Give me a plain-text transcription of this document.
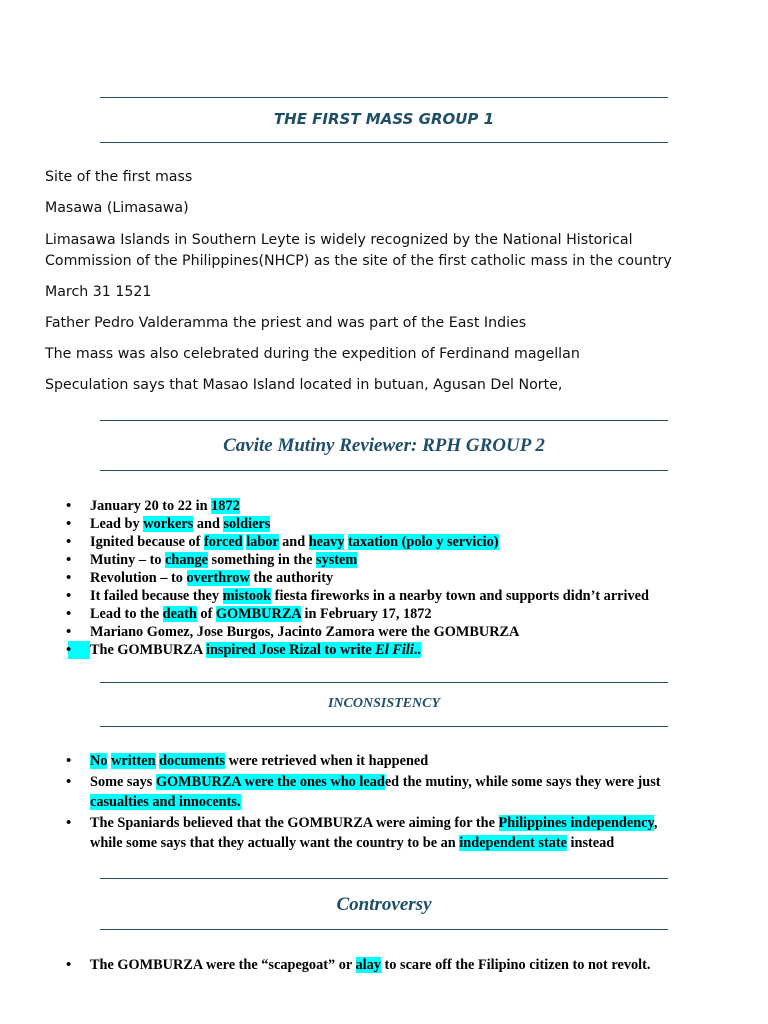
THE FIRST MASS GROUP 1
Site of the first mass
Masawa (Limasawa)
Limasawa Islands in Southern Leyte is widely recognized by the National Historical
Commission of the Philippines(NHCP) as the site of the first catholic mass in the country
March 31 1521
Father Pedro Valderamma the priest and was part of the East Indies
The mass was also celebrated during the expedition of Ferdinand magellan
Speculation says that Masao Island located in butuan, Agusan Del Norte,
Cavite Mutiny Reviewer: RPH GROUP 2
• January 20 to 22 in 1872
• Lead by workers and soldiers
• Ignited because of forced labor and heavy taxation (polo y servicio)
• Mutiny – to change something in the system
• Revolution – to overthrow the authority
• It failed because they mistook fiesta fireworks in a nearby town and supports didn’t arrived
• Lead to the death of GOMBURZA in February 17, 1872
• Mariano Gomez, Jose Burgos, Jacinto Zamora were the GOMBURZA
• The GOMBURZA inspired Jose Rizal to write El Fili..
INCONSISTENCY
• No written documents were retrieved when it happened
• Some says GOMBURZA were the ones who leaded the mutiny, while some says they were just
casualties and innocents.
• The Spaniards believed that the GOMBURZA were aiming for the Philippines independency,
while some says that they actually want the country to be an independent state instead
Controversy
• The GOMBURZA were the “scapegoat” or alay to scare off the Filipino citizen to not revolt.
